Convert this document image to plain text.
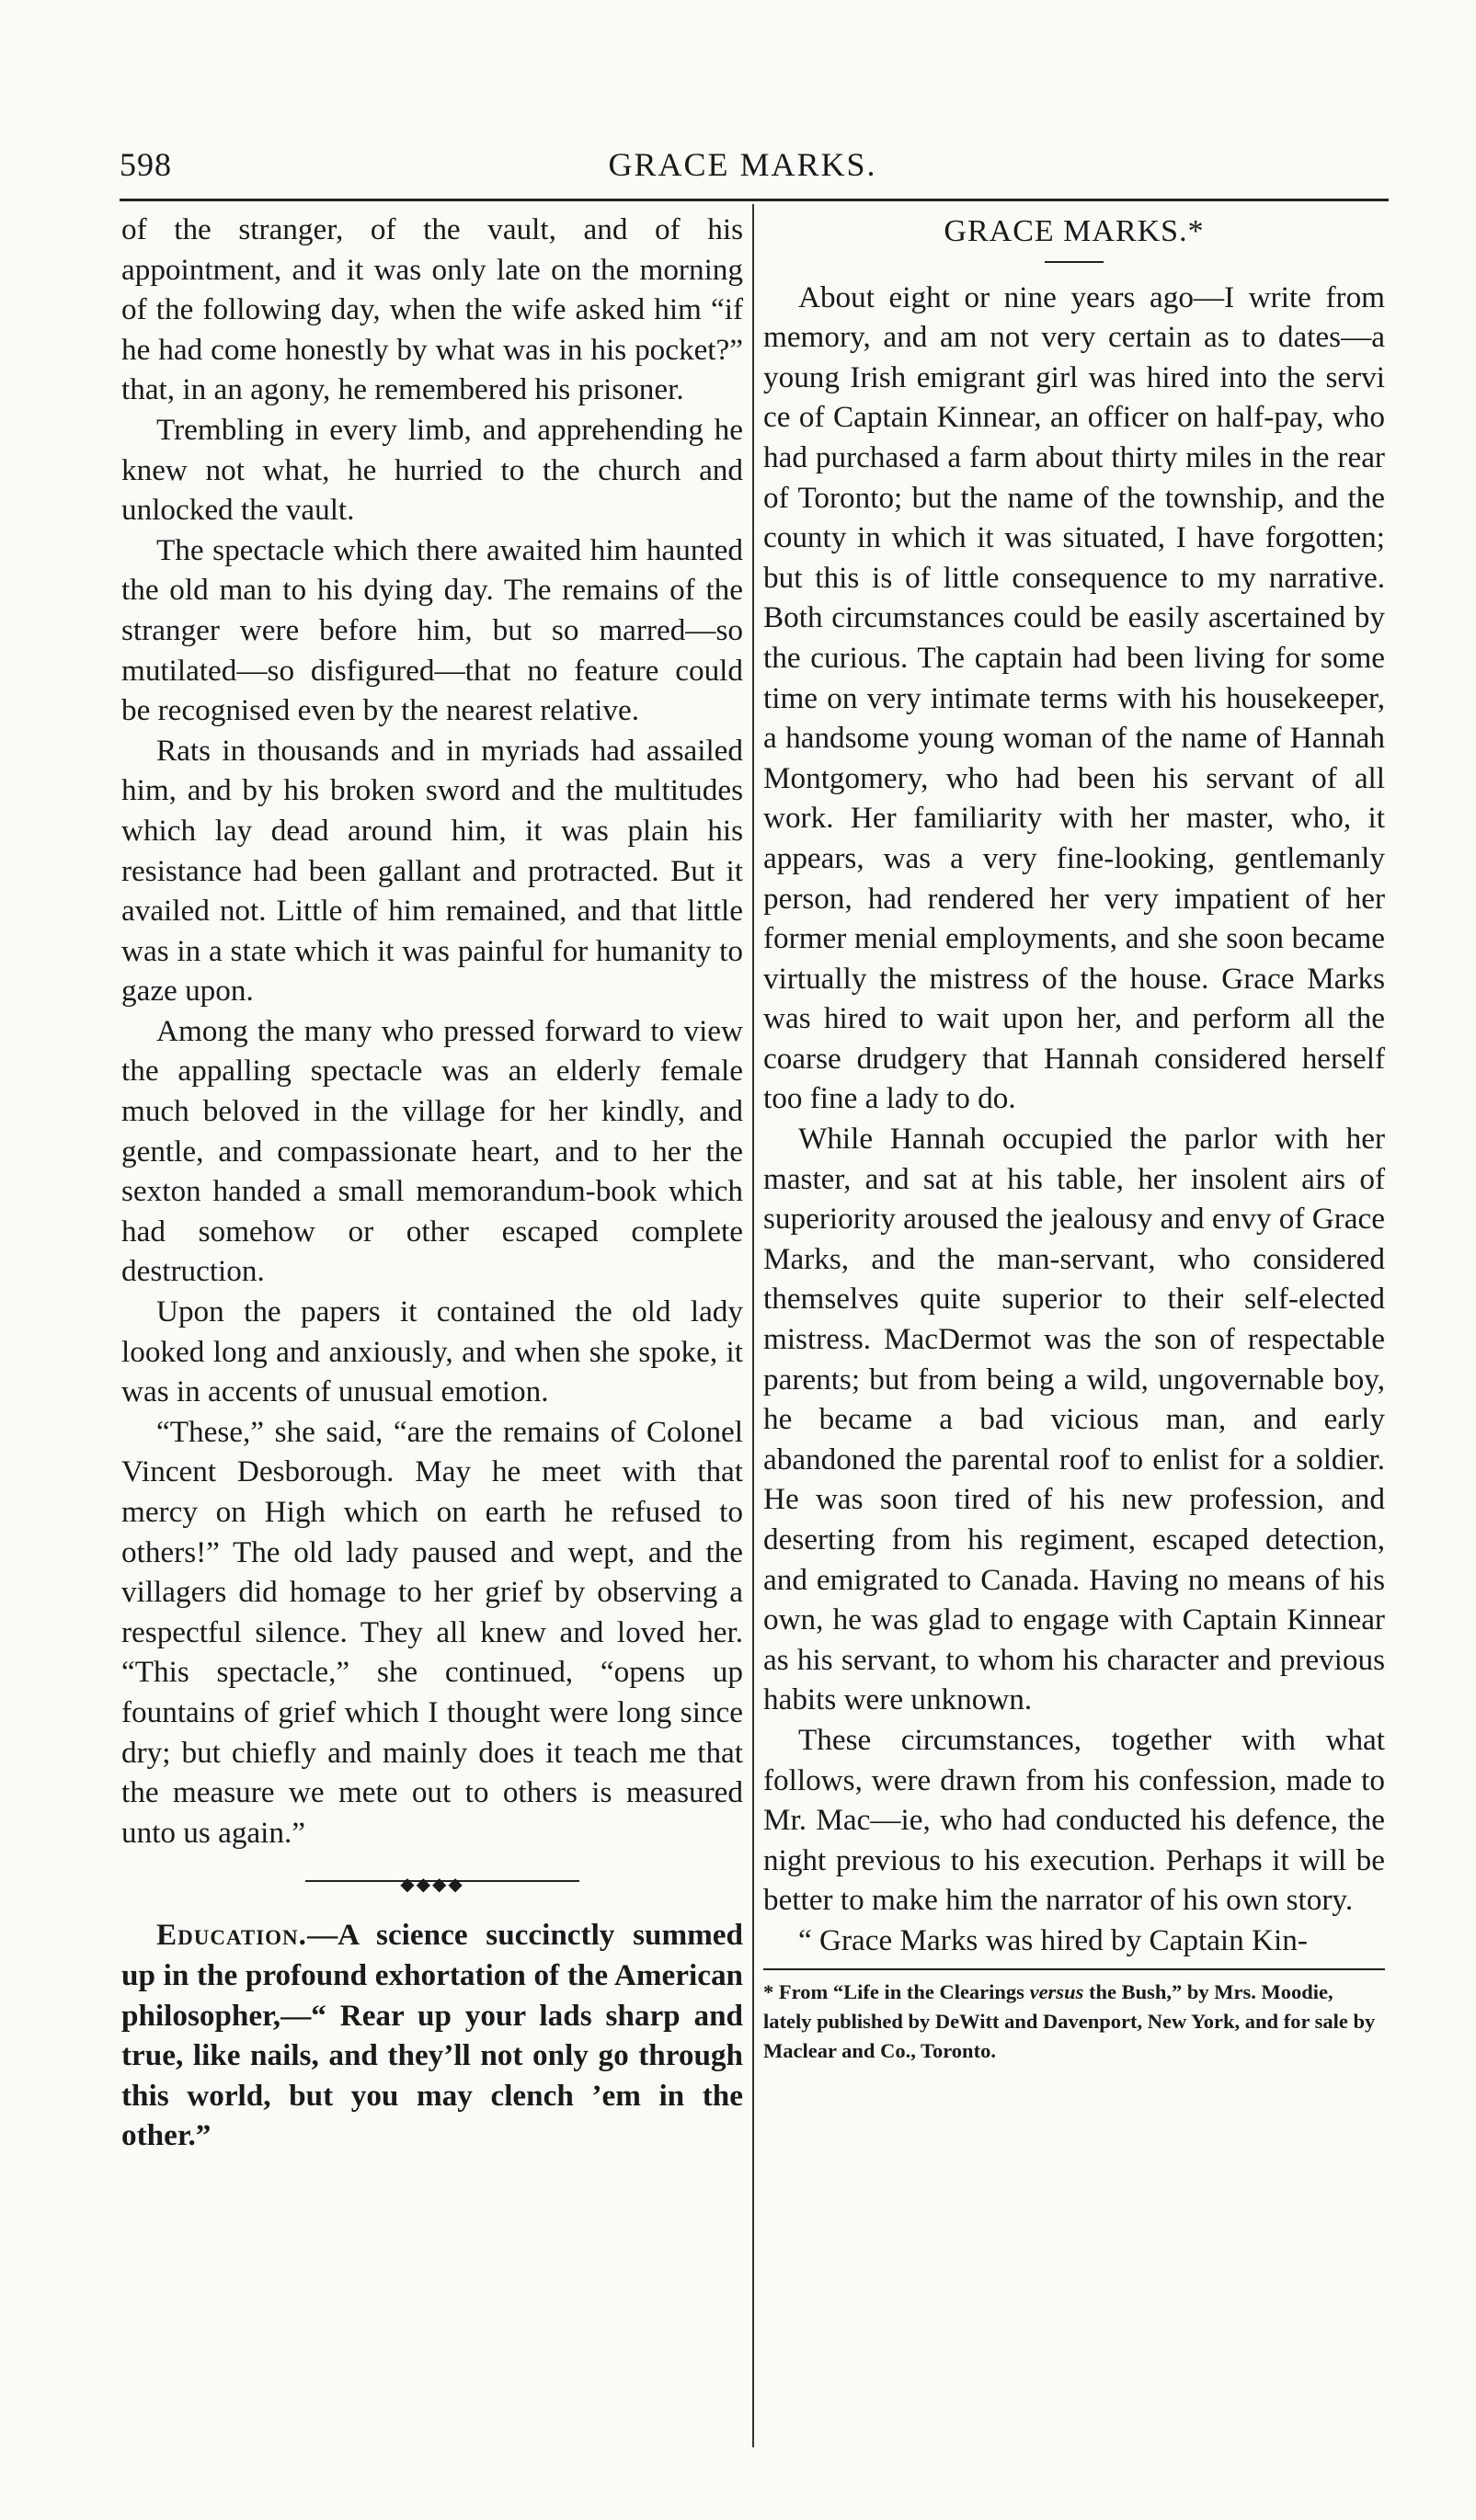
598	GRACE MARKS.

of the stranger, of the vault, and of his appointment, and it was only late on the morning of the following day, when the wife asked him “if he had come honestly by what was in his pocket?” that, in an agony, he remembered his prisoner.

Trembling in every limb, and apprehending he knew not what, he hurried to the church and unlocked the vault.

The spectacle which there awaited him haunted the old man to his dying day. The remains of the stranger were before him, but so marred—so mutilated—so disfigured—that no feature could be recognised even by the nearest relative.

Rats in thousands and in myriads had assailed him, and by his broken sword and the multitudes which lay dead around him, it was plain his resistance had been gallant and protracted. But it availed not. Little of him remained, and that little was in a state which it was painful for humanity to gaze upon.

Among the many who pressed forward to view the appalling spectacle was an elderly female much beloved in the village for her kindly, and gentle, and compassionate heart, and to her the sexton handed a small memorandum-book which had somehow or other escaped complete destruction.

Upon the papers it contained the old lady looked long and anxiously, and when she spoke, it was in accents of unusual emotion.

“These,” she said, “are the remains of Colonel Vincent Desborough. May he meet with that mercy on High which on earth he refused to others!” The old lady paused and wept, and the villagers did homage to her grief by observing a respectful silence. They all knew and loved her. “This spectacle,” she continued, “opens up fountains of grief which I thought were long since dry; but chiefly and mainly does it teach me that the measure we mete out to others is measured unto us again.”

◆◆◆◆

Education.—A science succinctly summed up in the profound exhortation of the American philosopher,—“ Rear up your lads sharp and true, like nails, and they’ll not only go through this world, but you may clench ’em in the other.”

GRACE MARKS.*

About eight or nine years ago—I write from memory, and am not very certain as to dates—a young Irish emigrant girl was hired into the servi ce of Captain Kinnear, an officer on half-pay, who had purchased a farm about thirty miles in the rear of Toronto; but the name of the township, and the county in which it was situated, I have forgotten; but this is of little consequence to my narrative. Both circumstances could be easily ascertained by the curious. The captain had been living for some time on very intimate terms with his housekeeper, a handsome young woman of the name of Hannah Montgomery, who had been his servant of all work. Her familiarity with her master, who, it appears, was a very fine-looking, gentlemanly person, had rendered her very impatient of her former menial employments, and she soon became virtually the mistress of the house. Grace Marks was hired to wait upon her, and perform all the coarse drudgery that Hannah considered herself too fine a lady to do.

While Hannah occupied the parlor with her master, and sat at his table, her insolent airs of superiority aroused the jealousy and envy of Grace Marks, and the man-servant, who considered themselves quite superior to their self-elected mistress. MacDermot was the son of respectable parents; but from being a wild, ungovernable boy, he became a bad vicious man, and early abandoned the parental roof to enlist for a soldier. He was soon tired of his new profession, and deserting from his regiment, escaped detection, and emigrated to Canada. Having no means of his own, he was glad to engage with Captain Kinnear as his servant, to whom his character and previous habits were unknown.

These circumstances, together with what follows, were drawn from his confession, made to Mr. Mac—ie, who had conducted his defence, the night previous to his execution. Perhaps it will be better to make him the narrator of his own story.

“ Grace Marks was hired by Captain Kin-

* From “Life in the Clearings versus the Bush,” by Mrs. Moodie, lately published by DeWitt and Davenport, New York, and for sale by Maclear and Co., Toronto.
